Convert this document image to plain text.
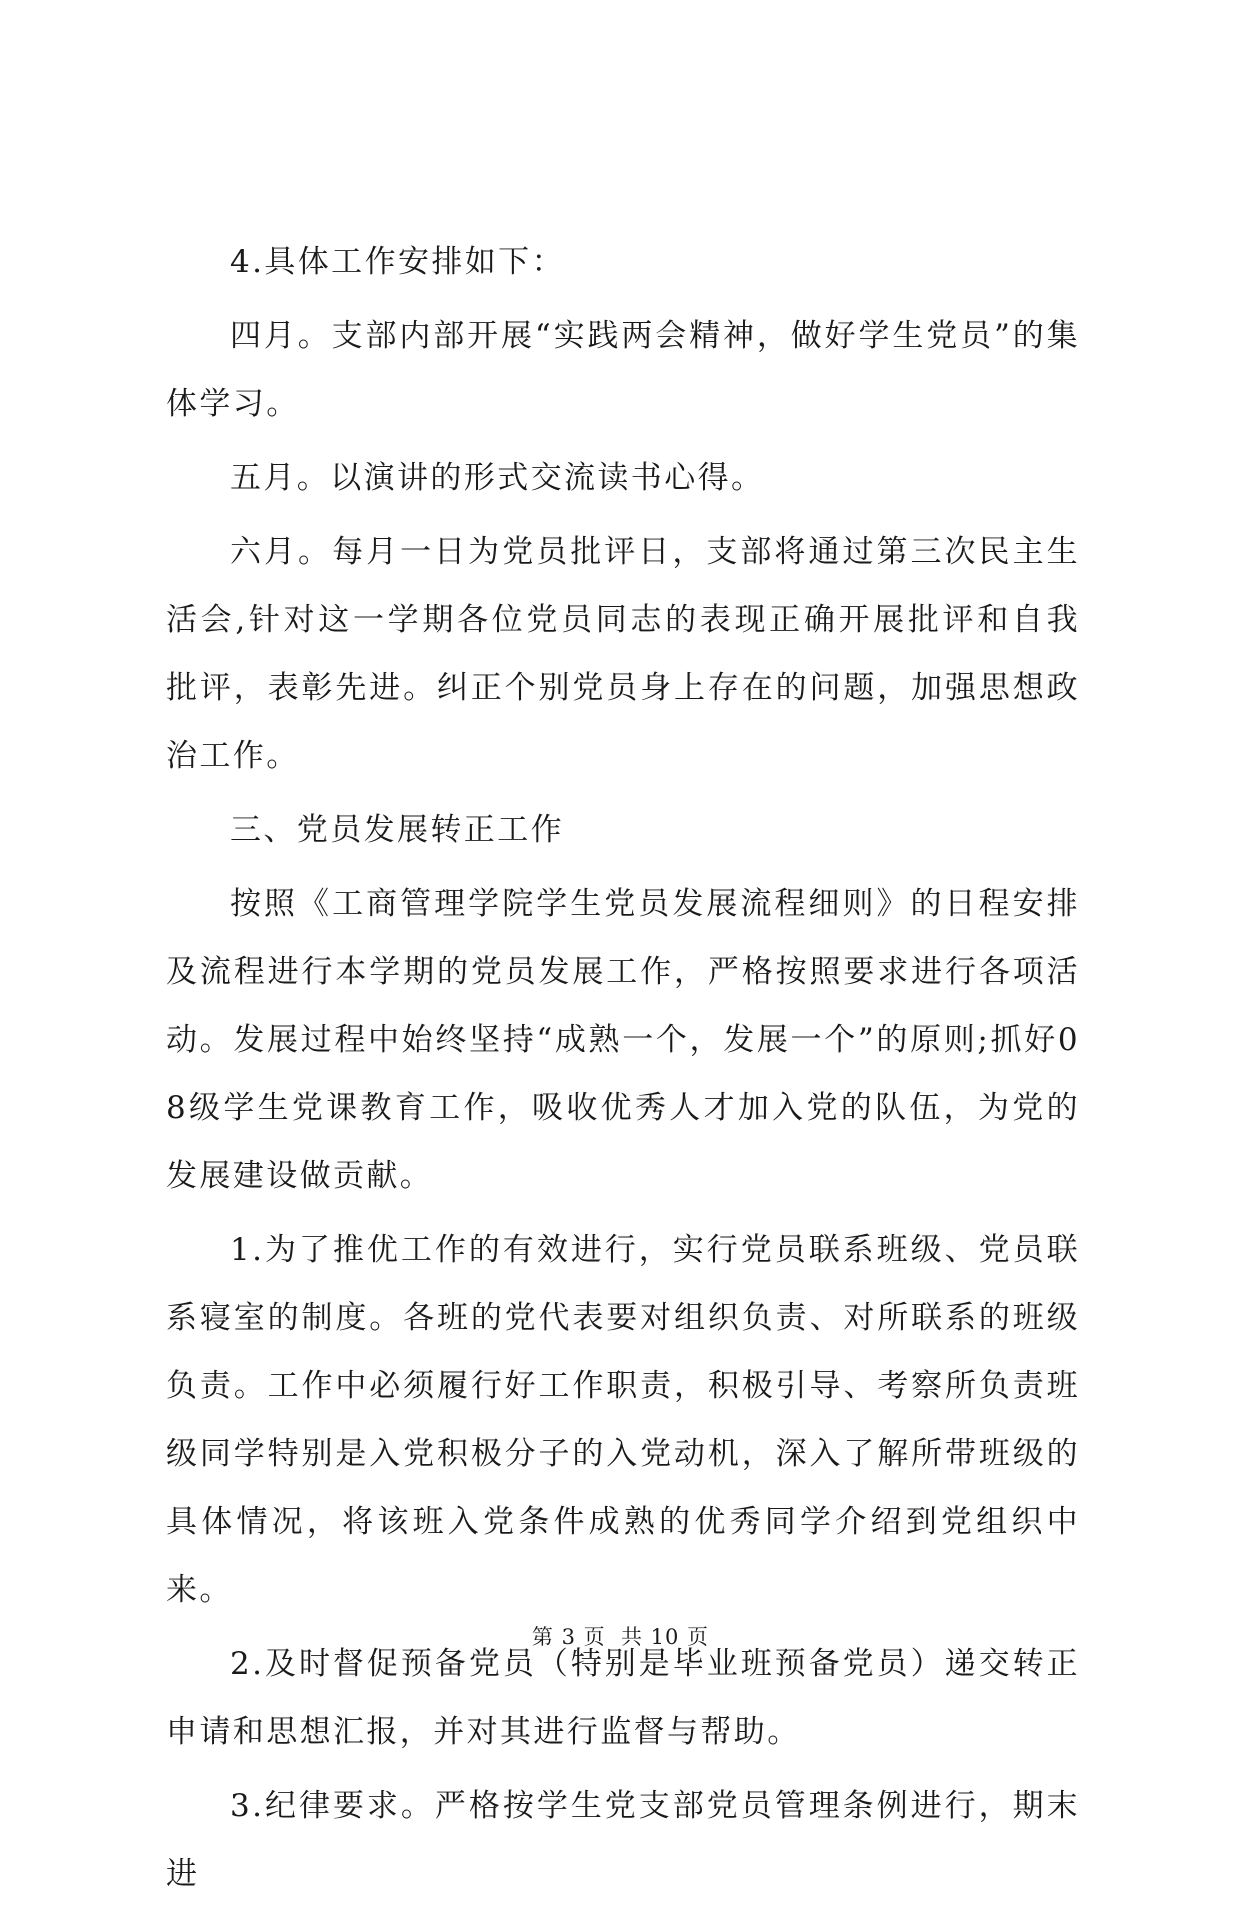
4.具体工作安排如下：

四月。支部内部开展“实践两会精神，做好学生党员”的集体学习。

五月。以演讲的形式交流读书心得。

六月。每月一日为党员批评日，支部将通过第三次民主生活会,针对这一学期各位党员同志的表现正确开展批评和自我批评，表彰先进。纠正个别党员身上存在的问题，加强思想政治工作。

三、党员发展转正工作

按照《工商管理学院学生党员发展流程细则》的日程安排及流程进行本学期的党员发展工作，严格按照要求进行各项活动。发展过程中始终坚持“成熟一个，发展一个”的原则;抓好08级学生党课教育工作，吸收优秀人才加入党的队伍，为党的发展建设做贡献。

1.为了推优工作的有效进行，实行党员联系班级、党员联系寝室的制度。各班的党代表要对组织负责、对所联系的班级负责。工作中必须履行好工作职责，积极引导、考察所负责班级同学特别是入党积极分子的入党动机，深入了解所带班级的具体情况，将该班入党条件成熟的优秀同学介绍到党组织中来。

2.及时督促预备党员（特别是毕业班预备党员）递交转正申请和思想汇报，并对其进行监督与帮助。

3.纪律要求。严格按学生党支部党员管理条例进行，期末进

第 3 页  共 10 页
